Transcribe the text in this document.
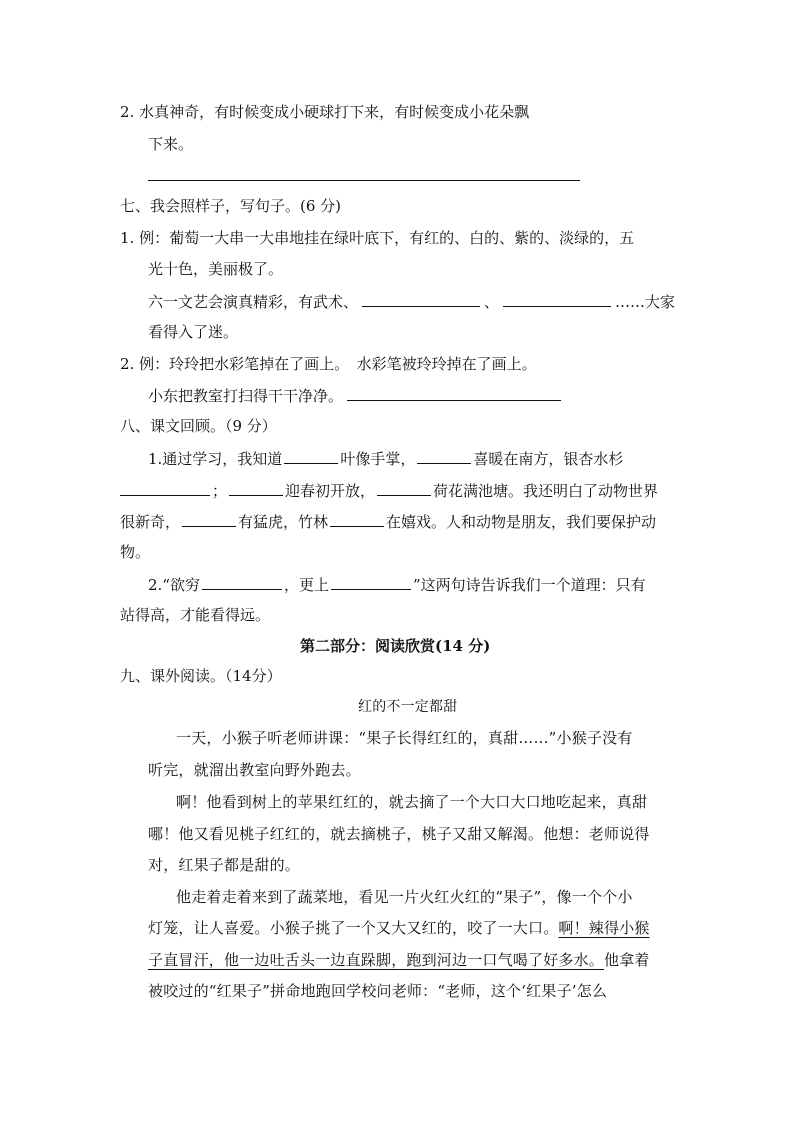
2. 水真神奇，有时候变成小硬球打下来，有时候变成小花朵飘
下来。
七、我会照样子，写句子。(6 分)
1. 例：葡萄一大串一大串地挂在绿叶底下，有红的、白的、紫的、淡绿的，五
光十色，美丽极了。
六一文艺会演真精彩，有武术、	、	……大家
看得入了迷。
2. 例：玲玲把水彩笔掉在了画上。　水彩笔被玲玲掉在了画上。
小东把教室打扫得干干净净。
八、课文回顾。（9 分）
1.通过学习，我知道	叶像手掌，	喜暖在南方，银杏水杉
；	迎春初开放，	荷花满池塘。我还明白了动物世界
很新奇，	有猛虎，竹林	在嬉戏。人和动物是朋友，我们要保护动
物。
2.“欲穷	，更上	”这两句诗告诉我们一个道理：只有
站得高，才能看得远。
第二部分：阅读欣赏(14 分)
九、课外阅读。（14分）
红的不一定都甜
一天，小猴子听老师讲课：“果子长得红红的，真甜……”小猴子没有
听完，就溜出教室向野外跑去。
啊！他看到树上的苹果红红的，就去摘了一个大口大口地吃起来，真甜
哪！他又看见桃子红红的，就去摘桃子，桃子又甜又解渴。他想：老师说得
对，红果子都是甜的。
他走着走着来到了蔬菜地，看见一片火红火红的“果子”，像一个个小
灯笼，让人喜爱。小猴子挑了一个又大又红的，咬了一大口。啊！辣得小猴
子直冒汗，他一边吐舌头一边直跺脚，跑到河边一口气喝了好多水。他拿着
被咬过的“红果子”拼命地跑回学校问老师：“老师，这个‘红果子’怎么
